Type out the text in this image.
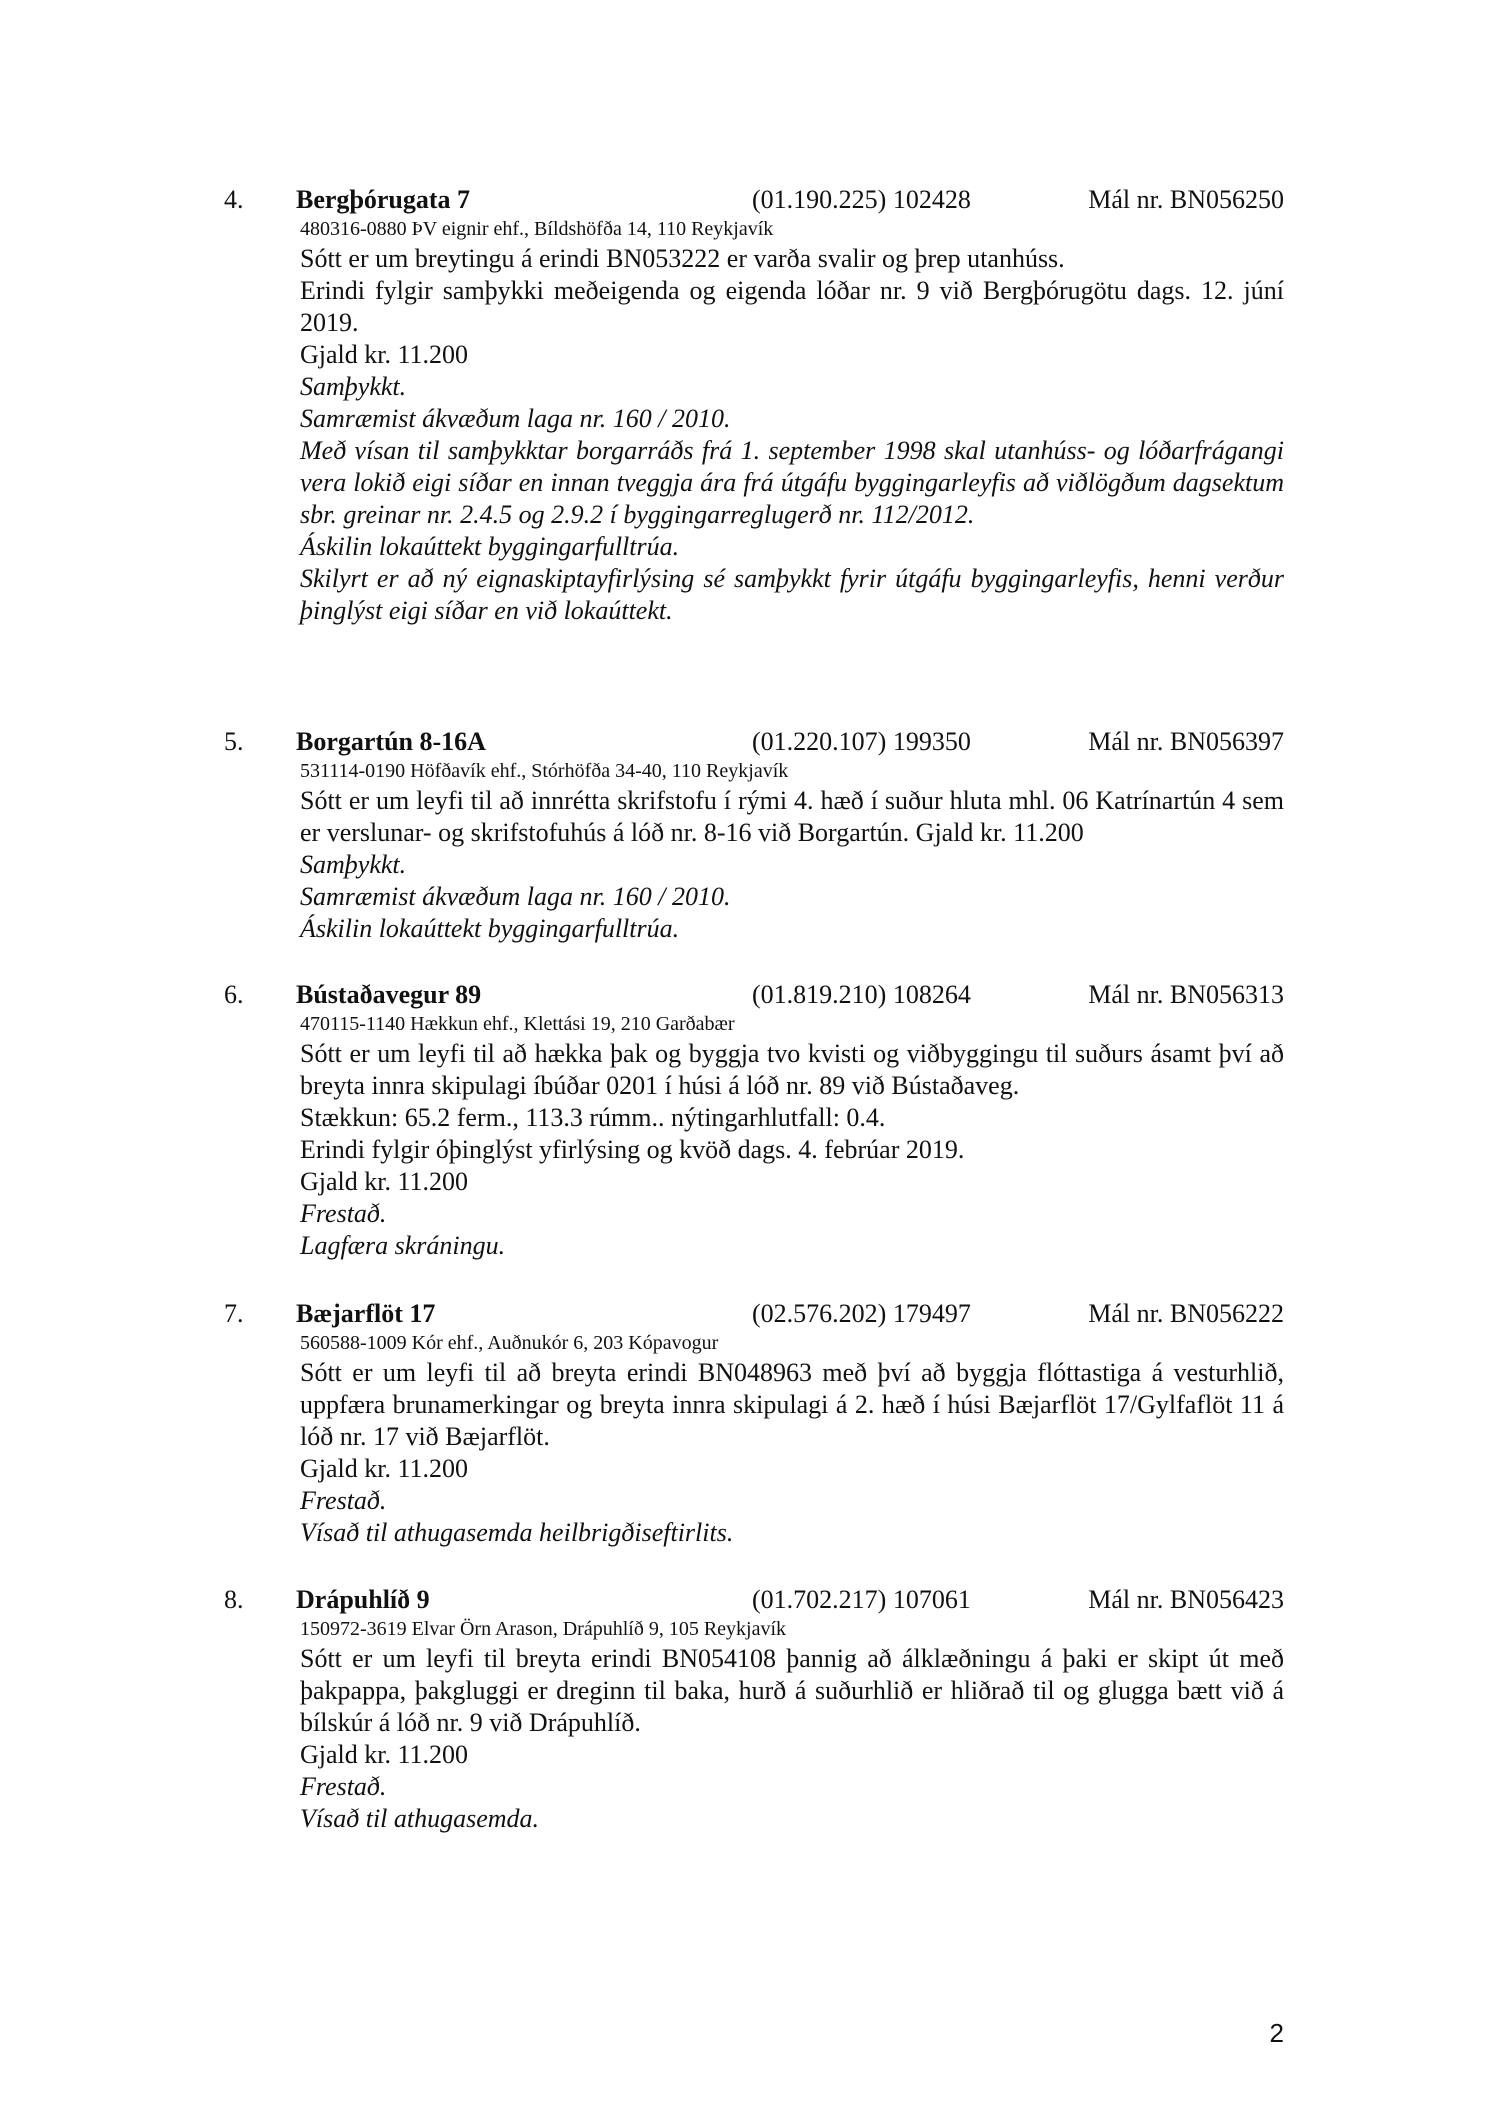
4. Bergþórugata 7	(01.190.225) 102428	Mál nr. BN056250
480316-0880 ÞV eignir ehf., Bíldshöfða 14, 110 Reykjavík

Sótt er um breytingu á erindi BN053222 er varða svalir og þrep utanhúss.

Erindi fylgir samþykki meðeigenda og eigenda lóðar nr. 9 við Bergþórugötu dags. 12. júní 2019.

Gjald kr. 11.200

Samþykkt.

Samræmist ákvæðum laga nr. 160 / 2010.

Með vísan til samþykktar borgarráðs frá 1. september 1998 skal utanhúss- og lóðarfrágangi vera lokið eigi síðar en innan tveggja ára frá útgáfu byggingarleyfis að viðlögðum dagsektum sbr. greinar nr. 2.4.5 og 2.9.2 í byggingarreglugerð nr. 112/2012.

Áskilin lokaúttekt byggingarfulltrúa.

Skilyrt er að ný eignaskiptayfirlýsing sé samþykkt fyrir útgáfu byggingarleyfis, henni verður þinglýst eigi síðar en við lokaúttekt.

5. Borgartún 8-16A	(01.220.107) 199350	Mál nr. BN056397
531114-0190 Höfðavík ehf., Stórhöfða 34-40, 110 Reykjavík

Sótt er um leyfi til að innrétta skrifstofu í rými 4. hæð í suður hluta mhl. 06 Katrínartún 4 sem er verslunar- og skrifstofuhús á lóð nr. 8-16 við Borgartún. Gjald kr. 11.200

Samþykkt.

Samræmist ákvæðum laga nr. 160 / 2010.

Áskilin lokaúttekt byggingarfulltrúa.

6. Bústaðavegur 89	(01.819.210) 108264	Mál nr. BN056313
470115-1140 Hækkun ehf., Klettási 19, 210 Garðabær

Sótt er um leyfi til að hækka þak og byggja tvo kvisti og viðbyggingu til suðurs ásamt því að breyta innra skipulagi íbúðar 0201 í húsi á lóð nr. 89 við Bústaðaveg.

Stækkun: 65.2 ferm., 113.3 rúmm.. nýtingarhlutfall: 0.4.

Erindi fylgir óþinglýst yfirlýsing og kvöð dags. 4. febrúar 2019.

Gjald kr. 11.200

Frestað.

Lagfæra skráningu.

7. Bæjarflöt 17	(02.576.202) 179497	Mál nr. BN056222
560588-1009 Kór ehf., Auðnukór 6, 203 Kópavogur

Sótt er um leyfi til að breyta erindi BN048963 með því að byggja flóttastiga á vesturhlið, uppfæra brunamerkingar og breyta innra skipulagi á 2. hæð í húsi Bæjarflöt 17/Gylfaflöt 11 á lóð nr. 17 við Bæjarflöt.

Gjald kr. 11.200

Frestað.

Vísað til athugasemda heilbrigðiseftirlits.

8. Drápuhlíð 9	(01.702.217) 107061	Mál nr. BN056423
150972-3619 Elvar Örn Arason, Drápuhlíð 9, 105 Reykjavík

Sótt er um leyfi til breyta erindi BN054108 þannig að álklæðningu á þaki er skipt út með þakpappa, þakgluggi er dreginn til baka, hurð á suðurhlið er hliðrað til og glugga bætt við á bílskúr á lóð nr. 9 við Drápuhlíð.

Gjald kr. 11.200

Frestað.

Vísað til athugasemda.

2
